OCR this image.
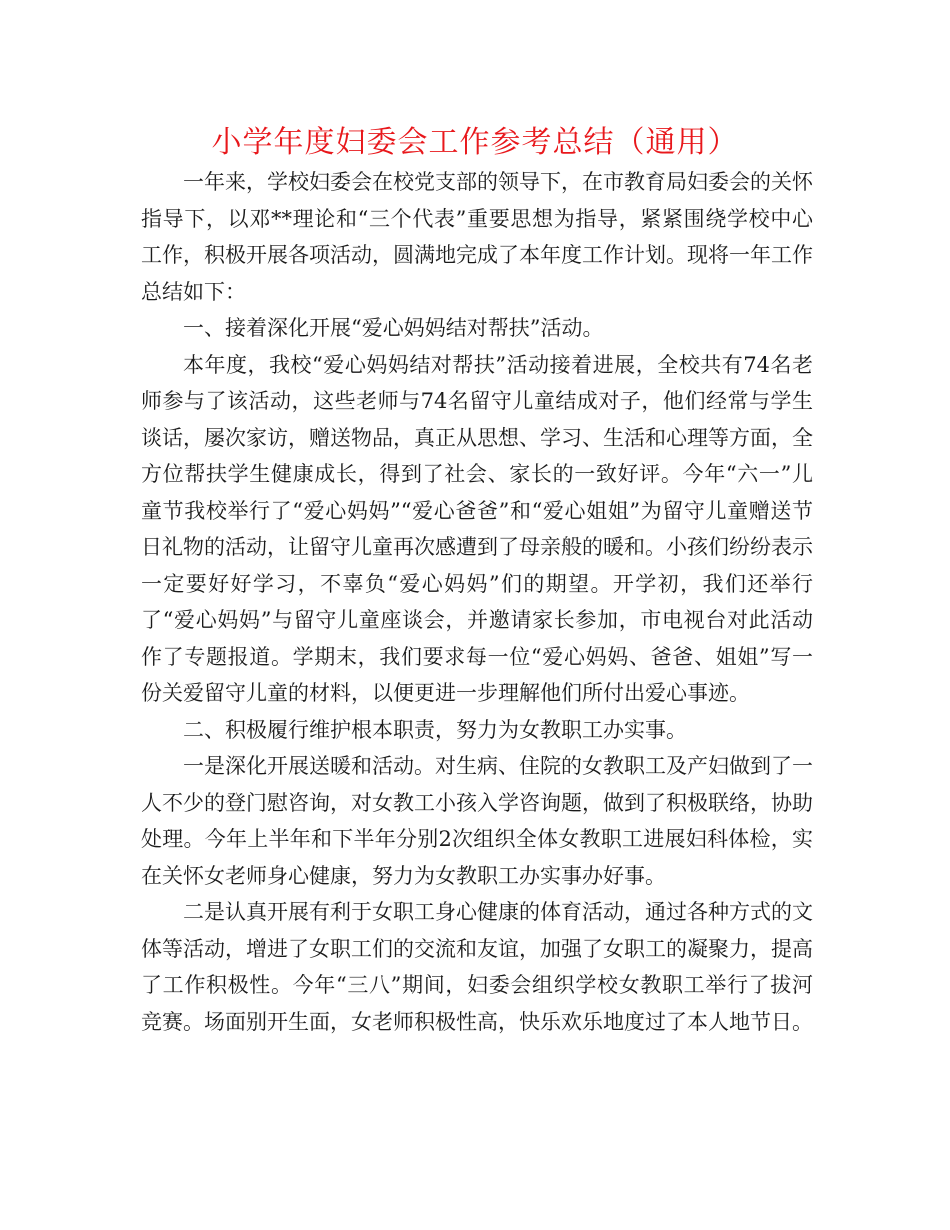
小学年度妇委会工作参考总结（通用）

一年来，学校妇委会在校党支部的领导下，在市教育局妇委会的关怀指导下，以邓**理论和“三个代表”重要思想为指导，紧紧围绕学校中心工作，积极开展各项活动，圆满地完成了本年度工作计划。现将一年工作总结如下：

一、接着深化开展“爱心妈妈结对帮扶”活动。

本年度，我校“爱心妈妈结对帮扶”活动接着进展，全校共有74名老师参与了该活动，这些老师与74名留守儿童结成对子，他们经常与学生谈话，屡次家访，赠送物品，真正从思想、学习、生活和心理等方面，全方位帮扶学生健康成长，得到了社会、家长的一致好评。今年“六一”儿童节我校举行了“爱心妈妈”“爱心爸爸”和“爱心姐姐”为留守儿童赠送节日礼物的活动，让留守儿童再次感遭到了母亲般的暖和。小孩们纷纷表示一定要好好学习，不辜负“爱心妈妈”们的期望。开学初，我们还举行了“爱心妈妈”与留守儿童座谈会，并邀请家长参加，市电视台对此活动作了专题报道。学期末，我们要求每一位“爱心妈妈、爸爸、姐姐”写一份关爱留守儿童的材料，以便更进一步理解他们所付出爱心事迹。

二、积极履行维护根本职责，努力为女教职工办实事。

一是深化开展送暖和活动。对生病、住院的女教职工及产妇做到了一人不少的登门慰咨询，对女教工小孩入学咨询题，做到了积极联络，协助处理。今年上半年和下半年分别2次组织全体女教职工进展妇科体检，实在关怀女老师身心健康，努力为女教职工办实事办好事。

二是认真开展有利于女职工身心健康的体育活动，通过各种方式的文体等活动，增进了女职工们的交流和友谊，加强了女职工的凝聚力，提高了工作积极性。今年“三八”期间，妇委会组织学校女教职工举行了拔河竞赛。场面别开生面，女老师积极性高，快乐欢乐地度过了本人地节日。
